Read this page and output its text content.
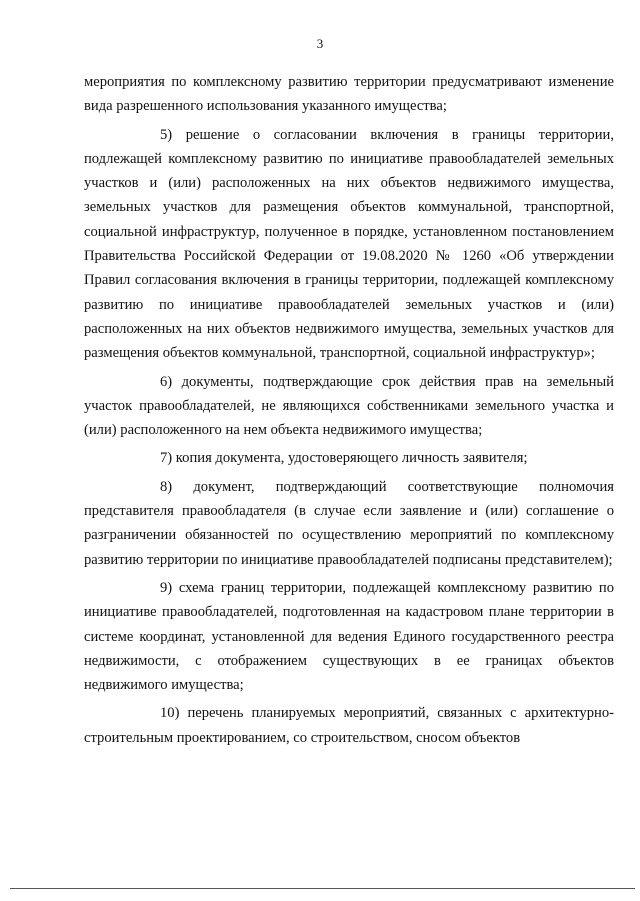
3

мероприятия по комплексному развитию территории предусматривают изменение вида разрешенного использования указанного имущества;

5) решение о согласовании включения в границы территории, подлежащей комплексному развитию по инициативе правообладателей земельных участков и (или) расположенных на них объектов недвижимого имущества, земельных участков для размещения объектов коммунальной, транспортной, социальной инфраструктур, полученное в порядке, установленном постановлением Правительства Российской Федерации от 19.08.2020 № 1260 «Об утверждении Правил согласования включения в границы территории, подлежащей комплексному развитию по инициативе правообладателей земельных участков и (или) расположенных на них объектов недвижимого имущества, земельных участков для размещения объектов коммунальной, транспортной, социальной инфраструктур»;

6) документы, подтверждающие срок действия прав на земельный участок правообладателей, не являющихся собственниками земельного участка и (или) расположенного на нем объекта недвижимого имущества;

7) копия документа, удостоверяющего личность заявителя;

8) документ, подтверждающий соответствующие полномочия представителя правообладателя (в случае если заявление и (или) соглашение о разграничении обязанностей по осуществлению мероприятий по комплексному развитию территории по инициативе правообладателей подписаны представителем);

9) схема границ территории, подлежащей комплексному развитию по инициативе правообладателей, подготовленная на кадастровом плане территории в системе координат, установленной для ведения Единого государственного реестра недвижимости, с отображением существующих в ее границах объектов недвижимого имущества;

10) перечень планируемых мероприятий, связанных с архитектурно-строительным проектированием, со строительством, сносом объектов
